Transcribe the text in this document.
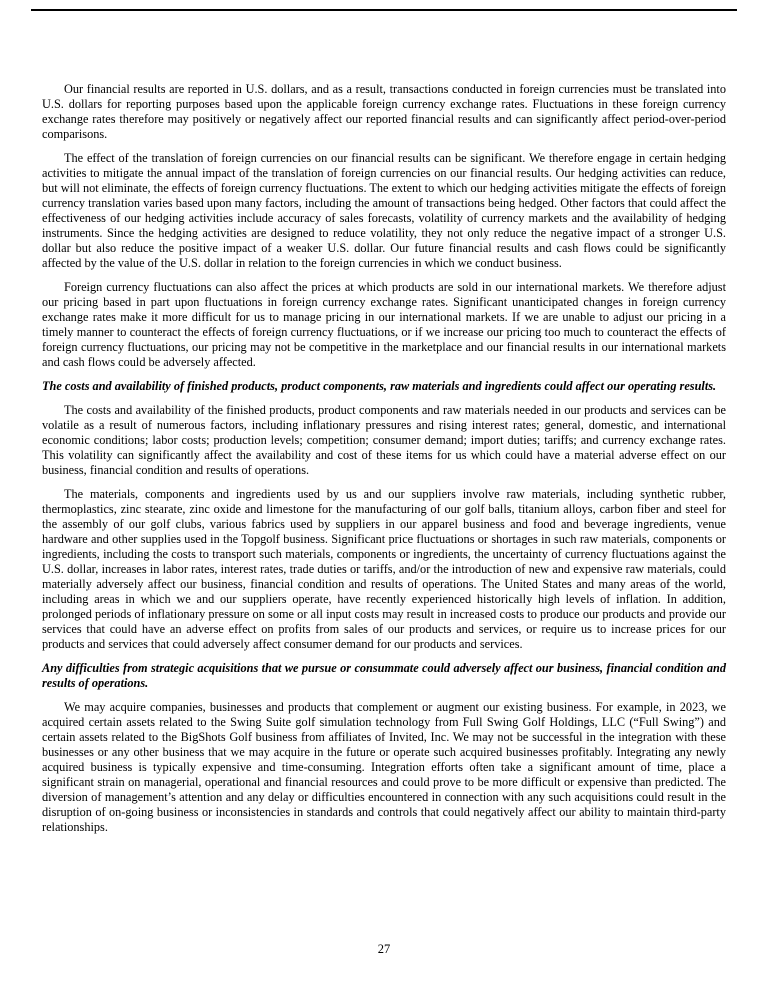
Our financial results are reported in U.S. dollars, and as a result, transactions conducted in foreign currencies must be translated into U.S. dollars for reporting purposes based upon the applicable foreign currency exchange rates. Fluctuations in these foreign currency exchange rates therefore may positively or negatively affect our reported financial results and can significantly affect period-over-period comparisons.

The effect of the translation of foreign currencies on our financial results can be significant. We therefore engage in certain hedging activities to mitigate the annual impact of the translation of foreign currencies on our financial results. Our hedging activities can reduce, but will not eliminate, the effects of foreign currency fluctuations. The extent to which our hedging activities mitigate the effects of foreign currency translation varies based upon many factors, including the amount of transactions being hedged. Other factors that could affect the effectiveness of our hedging activities include accuracy of sales forecasts, volatility of currency markets and the availability of hedging instruments. Since the hedging activities are designed to reduce volatility, they not only reduce the negative impact of a stronger U.S. dollar but also reduce the positive impact of a weaker U.S. dollar. Our future financial results and cash flows could be significantly affected by the value of the U.S. dollar in relation to the foreign currencies in which we conduct business.

Foreign currency fluctuations can also affect the prices at which products are sold in our international markets. We therefore adjust our pricing based in part upon fluctuations in foreign currency exchange rates. Significant unanticipated changes in foreign currency exchange rates make it more difficult for us to manage pricing in our international markets. If we are unable to adjust our pricing in a timely manner to counteract the effects of foreign currency fluctuations, or if we increase our pricing too much to counteract the effects of foreign currency fluctuations, our pricing may not be competitive in the marketplace and our financial results in our international markets and cash flows could be adversely affected.

The costs and availability of finished products, product components, raw materials and ingredients could affect our operating results.

The costs and availability of the finished products, product components and raw materials needed in our products and services can be volatile as a result of numerous factors, including inflationary pressures and rising interest rates; general, domestic, and international economic conditions; labor costs; production levels; competition; consumer demand; import duties; tariffs; and currency exchange rates. This volatility can significantly affect the availability and cost of these items for us which could have a material adverse effect on our business, financial condition and results of operations.

The materials, components and ingredients used by us and our suppliers involve raw materials, including synthetic rubber, thermoplastics, zinc stearate, zinc oxide and limestone for the manufacturing of our golf balls, titanium alloys, carbon fiber and steel for the assembly of our golf clubs, various fabrics used by suppliers in our apparel business and food and beverage ingredients, venue hardware and other supplies used in the Topgolf business. Significant price fluctuations or shortages in such raw materials, components or ingredients, including the costs to transport such materials, components or ingredients, the uncertainty of currency fluctuations against the U.S. dollar, increases in labor rates, interest rates, trade duties or tariffs, and/or the introduction of new and expensive raw materials, could materially adversely affect our business, financial condition and results of operations. The United States and many areas of the world, including areas in which we and our suppliers operate, have recently experienced historically high levels of inflation. In addition, prolonged periods of inflationary pressure on some or all input costs may result in increased costs to produce our products and provide our services that could have an adverse effect on profits from sales of our products and services, or require us to increase prices for our products and services that could adversely affect consumer demand for our products and services.

Any difficulties from strategic acquisitions that we pursue or consummate could adversely affect our business, financial condition and results of operations.

We may acquire companies, businesses and products that complement or augment our existing business. For example, in 2023, we acquired certain assets related to the Swing Suite golf simulation technology from Full Swing Golf Holdings, LLC (“Full Swing”) and certain assets related to the BigShots Golf business from affiliates of Invited, Inc. We may not be successful in the integration with these businesses or any other business that we may acquire in the future or operate such acquired businesses profitably. Integrating any newly acquired business is typically expensive and time-consuming. Integration efforts often take a significant amount of time, place a significant strain on managerial, operational and financial resources and could prove to be more difficult or expensive than predicted. The diversion of management’s attention and any delay or difficulties encountered in connection with any such acquisitions could result in the disruption of on-going business or inconsistencies in standards and controls that could negatively affect our ability to maintain third-party relationships.

27
